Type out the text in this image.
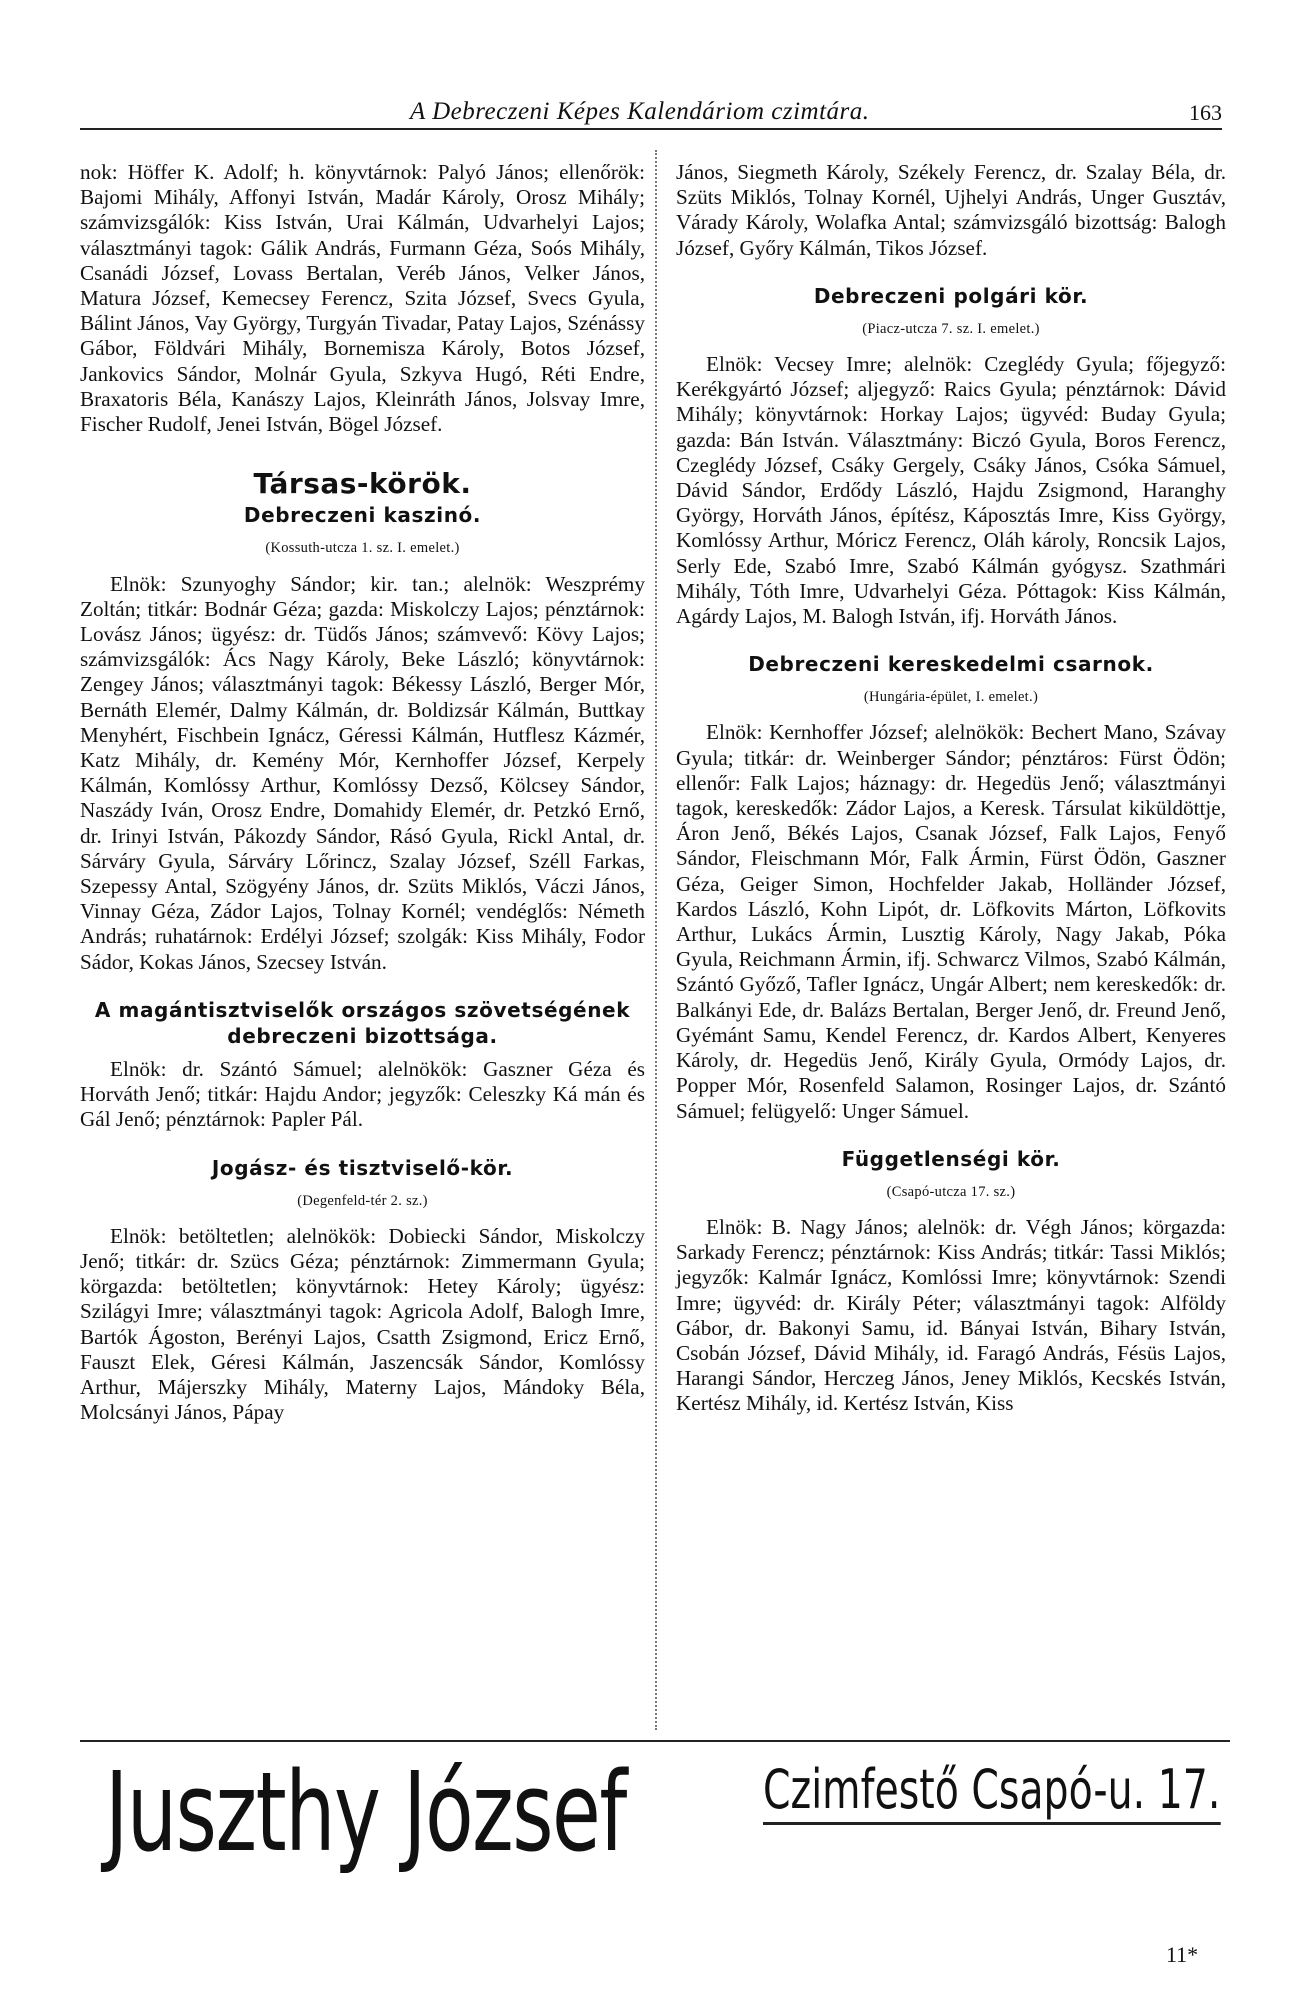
A Debreczeni Képes Kalendáriom czimtára.	163

nok: Höffer K. Adolf; h. könyvtárnok: Palyó János; ellenőrök: Bajomi Mihály, Affonyi István, Madár Károly, Orosz Mihály; számvizsgálók: Kiss István, Urai Kálmán, Udvarhelyi Lajos; választmányi tagok: Gálik András, Furmann Géza, Soós Mihály, Csanádi József, Lovass Bertalan, Veréb János, Velker János, Matura József, Kemecsey Ferencz, Szita József, Svecs Gyula, Bálint János, Vay György, Turgyán Tivadar, Patay Lajos, Szénássy Gábor, Földvári Mihály, Bornemisza Károly, Botos József, Jankovics Sándor, Molnár Gyula, Szkyva Hugó, Réti Endre, Braxatoris Béla, Kanászy Lajos, Kleinráth János, Jolsvay Imre, Fischer Rudolf, Jenei István, Bögel József.

Társas-körök.
Debreczeni kaszinó.
(Kossuth-utcza 1. sz. I. emelet.)

Elnök: Szunyoghy Sándor; kir. tan.; alelnök: Weszprémy Zoltán; titkár: Bodnár Géza; gazda: Miskolczy Lajos; pénztárnok: Lovász János; ügyész: dr. Tüdős János; számvevő: Kövy Lajos; számvizsgálók: Ács Nagy Károly, Beke László; könyvtárnok: Zengey János; választmányi tagok: Békessy László, Berger Mór, Bernáth Elemér, Dalmy Kálmán, dr. Boldizsár Kálmán, Buttkay Menyhért, Fischbein Ignácz, Géressi Kálmán, Hutflesz Kázmér, Katz Mihály, dr. Kemény Mór, Kernhoffer József, Kerpely Kálmán, Komlóssy Arthur, Komlóssy Dezső, Kölcsey Sándor, Naszády Iván, Orosz Endre, Domahidy Elemér, dr. Petzkó Ernő, dr. Irinyi István, Pákozdy Sándor, Rásó Gyula, Rickl Antal, dr. Sárváry Gyula, Sárváry Lőrincz, Szalay József, Széll Farkas, Szepessy Antal, Szögyény János, dr. Szüts Miklós, Váczi János, Vinnay Géza, Zádor Lajos, Tolnay Kornél; vendéglős: Németh András; ruhatárnok: Erdélyi József; szolgák: Kiss Mihály, Fodor Sádor, Kokas János, Szecsey István.

A magántisztviselők országos szövetségének debreczeni bizottsága.

Elnök: dr. Szántó Sámuel; alelnökök: Gaszner Géza és Horváth Jenő; titkár: Hajdu Andor; jegyzők: Celeszky Ká mán és Gál Jenő; pénztárnok: Papler Pál.

Jogász- és tisztviselő-kör.
(Degenfeld-tér 2. sz.)

Elnök: betöltetlen; alelnökök: Dobiecki Sándor, Miskolczy Jenő; titkár: dr. Szücs Géza; pénztárnok: Zimmermann Gyula; körgazda: betöltetlen; könyvtárnok: Hetey Károly; ügyész: Szilágyi Imre; választmányi tagok: Agricola Adolf, Balogh Imre, Bartók Ágoston, Berényi Lajos, Csatth Zsigmond, Ericz Ernő, Fauszt Elek, Géresi Kálmán, Jaszencsák Sándor, Komlóssy Arthur, Májerszky Mihály, Materny Lajos, Mándoky Béla, Molcsányi János, Pápay

János, Siegmeth Károly, Székely Ferencz, dr. Szalay Béla, dr. Szüts Miklós, Tolnay Kornél, Ujhelyi András, Unger Gusztáv, Várady Károly, Wolafka Antal; számvizsgáló bizottság: Balogh József, Győry Kálmán, Tikos József.

Debreczeni polgári kör.
(Piacz-utcza 7. sz. I. emelet.)

Elnök: Vecsey Imre; alelnök: Czeglédy Gyula; főjegyző: Kerékgyártó József; aljegyző: Raics Gyula; pénztárnok: Dávid Mihály; könyvtárnok: Horkay Lajos; ügyvéd: Buday Gyula; gazda: Bán István. Választmány: Biczó Gyula, Boros Ferencz, Czeglédy József, Csáky Gergely, Csáky János, Csóka Sámuel, Dávid Sándor, Erdődy László, Hajdu Zsigmond, Haranghy György, Horváth János, építész, Káposztás Imre, Kiss György, Komlóssy Arthur, Móricz Ferencz, Oláh károly, Roncsik Lajos, Serly Ede, Szabó Imre, Szabó Kálmán gyógysz. Szathmári Mihály, Tóth Imre, Udvarhelyi Géza. Póttagok: Kiss Kálmán, Agárdy Lajos, M. Balogh István, ifj. Horváth János.

Debreczeni kereskedelmi csarnok.
(Hungária-épület, I. emelet.)

Elnök: Kernhoffer József; alelnökök: Bechert Mano, Szávay Gyula; titkár: dr. Weinberger Sándor; pénztáros: Fürst Ödön; ellenőr: Falk Lajos; háznagy: dr. Hegedüs Jenő; választmányi tagok, kereskedők: Zádor Lajos, a Keresk. Társulat kiküldöttje, Áron Jenő, Békés Lajos, Csanak József, Falk Lajos, Fenyő Sándor, Fleischmann Mór, Falk Ármin, Fürst Ödön, Gaszner Géza, Geiger Simon, Hochfelder Jakab, Holländer József, Kardos László, Kohn Lipót, dr. Löfkovits Márton, Löfkovits Arthur, Lukács Ármin, Lusztig Károly, Nagy Jakab, Póka Gyula, Reichmann Ármin, ifj. Schwarcz Vilmos, Szabó Kálmán, Szántó Győző, Tafler Ignácz, Ungár Albert; nem kereskedők: dr. Balkányi Ede, dr. Balázs Bertalan, Berger Jenő, dr. Freund Jenő, Gyémánt Samu, Kendel Ferencz, dr. Kardos Albert, Kenyeres Károly, dr. Hegedüs Jenő, Király Gyula, Ormódy Lajos, dr. Popper Mór, Rosenfeld Salamon, Rosinger Lajos, dr. Szántó Sámuel; felügyelő: Unger Sámuel.

Függetlenségi kör.
(Csapó-utcza 17. sz.)

Elnök: B. Nagy János; alelnök: dr. Végh János; körgazda: Sarkady Ferencz; pénztárnok: Kiss András; titkár: Tassi Miklós; jegyzők: Kalmár Ignácz, Komlóssi Imre; könyvtárnok: Szendi Imre; ügyvéd: dr. Király Péter; választmányi tagok: Alföldy Gábor, dr. Bakonyi Samu, id. Bányai István, Bihary István, Csobán József, Dávid Mihály, id. Faragó András, Fésüs Lajos, Harangi Sándor, Herczeg János, Jeney Miklós, Kecskés István, Kertész Mihály, id. Kertész István, Kiss

Juszthy József	Czimfestő Csapó-u. 17.
11*
